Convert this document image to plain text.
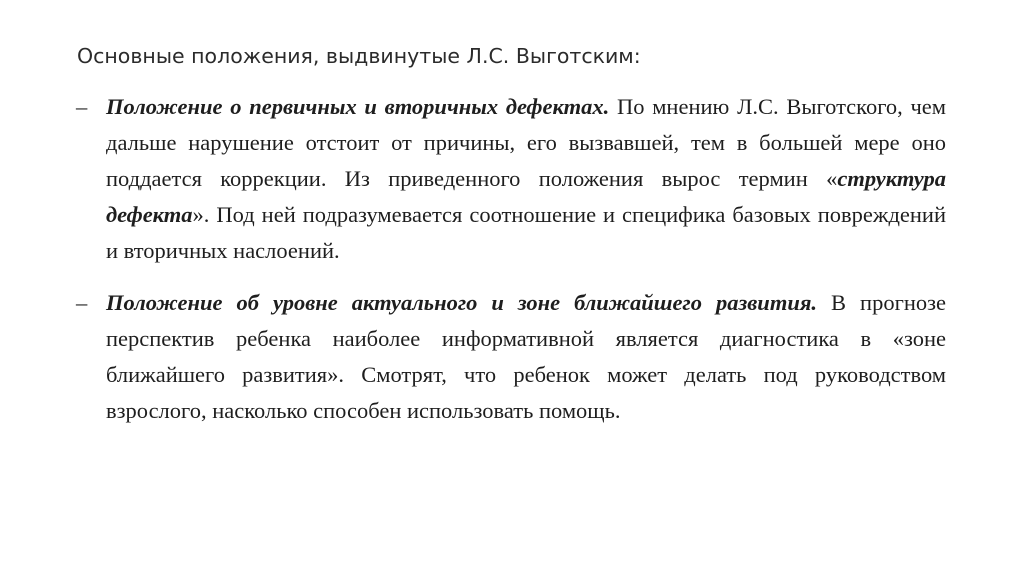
Основные положения, выдвинутые Л.С. Выготским:
– Положение о первичных и вторичных дефектах. По мнению Л.С. Выготского, чем дальше нарушение отстоит от причины, его вызвавшей, тем в большей мере оно поддается коррекции. Из приведенного положения вырос термин «структура дефекта». Под ней подразумевается соотношение и специфика базовых повреждений и вторичных наслоений.
– Положение об уровне актуального и зоне ближайшего развития. В прогнозе перспектив ребенка наиболее информативной является диагностика в «зоне ближайшего развития». Смотрят, что ребенок может делать под руководством взрослого, насколько способен использовать помощь.
